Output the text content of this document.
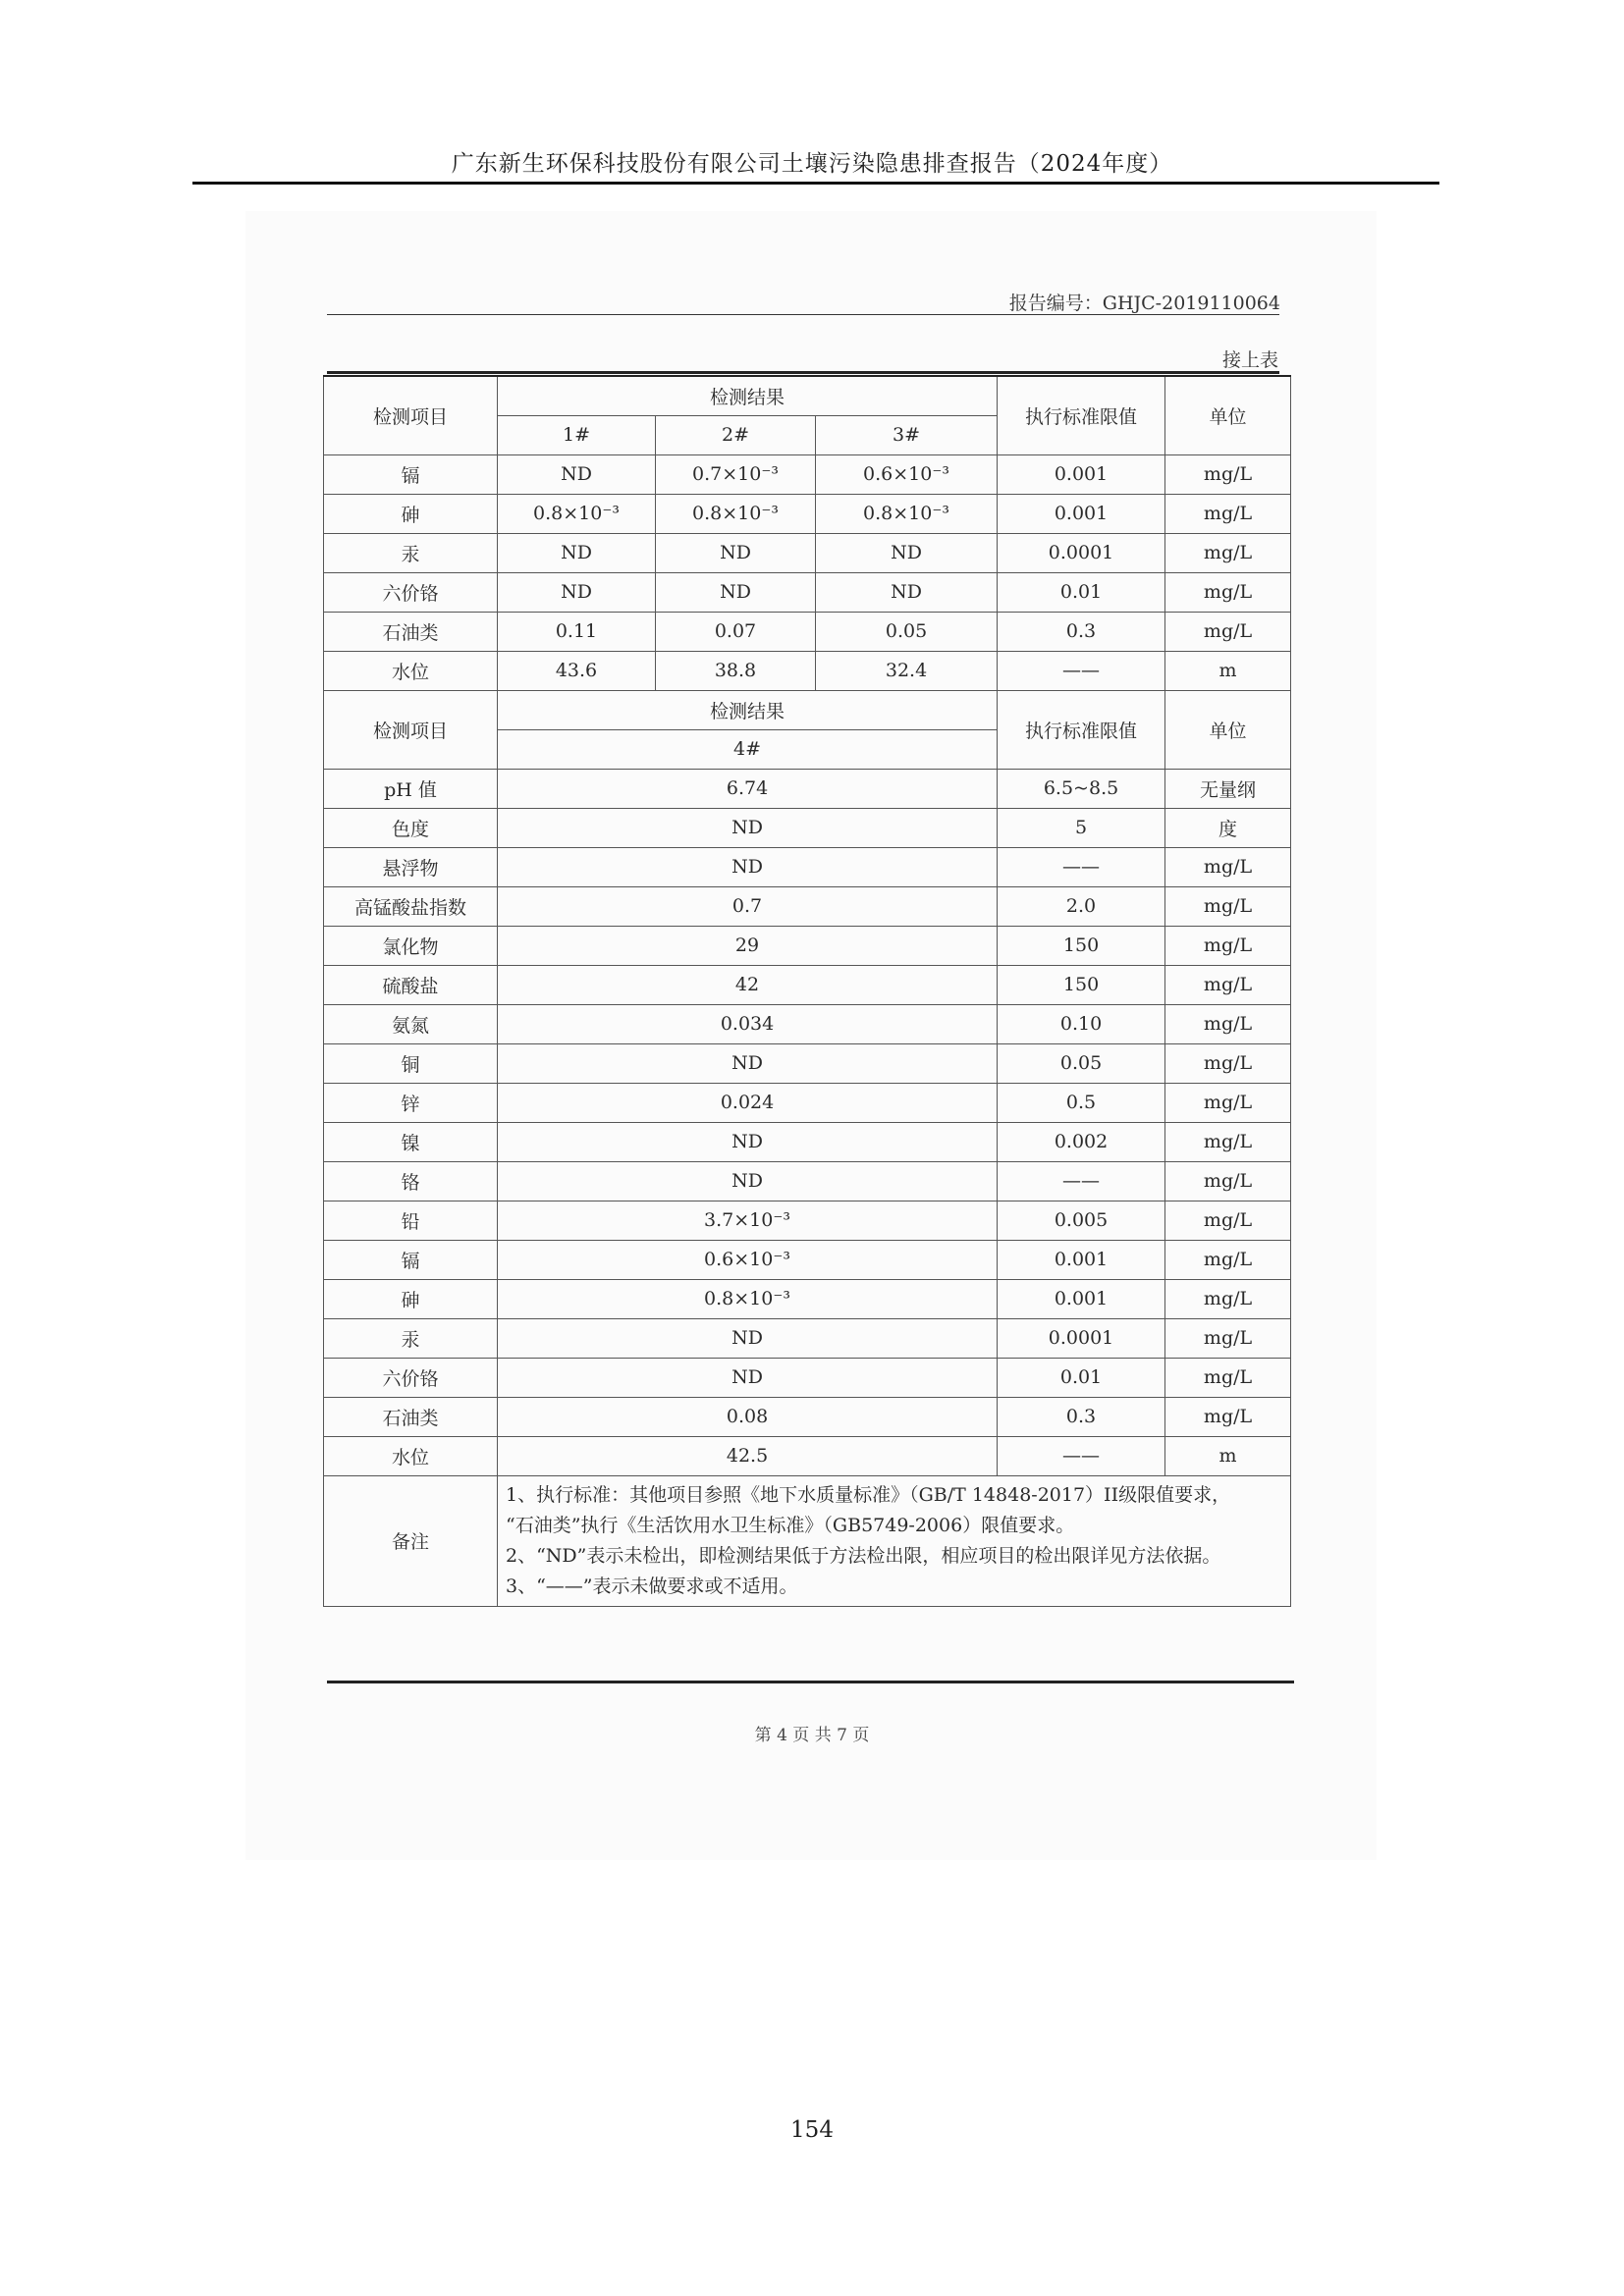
广东新生环保科技股份有限公司土壤污染隐患排查报告（2024年度）
报告编号：GHJC-2019110064
接上表
检测项目	检测结果			执行标准限值	单位
	1#	2#	3#		
镉	ND	0.7×10⁻³	0.6×10⁻³	0.001	mg/L
砷	0.8×10⁻³	0.8×10⁻³	0.8×10⁻³	0.001	mg/L
汞	ND	ND	ND	0.0001	mg/L
六价铬	ND	ND	ND	0.01	mg/L
石油类	0.11	0.07	0.05	0.3	mg/L
水位	43.6	38.8	32.4	——	m
检测项目	检测结果			执行标准限值	单位
	4#				
pH 值	6.74			6.5~8.5	无量纲
色度	ND			5	度
悬浮物	ND			——	mg/L
高锰酸盐指数	0.7			2.0	mg/L
氯化物	29			150	mg/L
硫酸盐	42			150	mg/L
氨氮	0.034			0.10	mg/L
铜	ND			0.05	mg/L
锌	0.024			0.5	mg/L
镍	ND			0.002	mg/L
铬	ND			——	mg/L
铅	3.7×10⁻³			0.005	mg/L
镉	0.6×10⁻³			0.001	mg/L
砷	0.8×10⁻³			0.001	mg/L
汞	ND			0.0001	mg/L
六价铬	ND			0.01	mg/L
石油类	0.08			0.3	mg/L
水位	42.5			——	m
备注	1、执行标准：其他项目参照《地下水质量标准》（GB/T 14848-2017）II级限值要求，
“石油类”执行《生活饮用水卫生标准》（GB5749-2006）限值要求。
2、“ND”表示未检出，即检测结果低于方法检出限，相应项目的检出限详见方法依据。
3、“——”表示未做要求或不适用。				
第 4 页 共 7 页
154
